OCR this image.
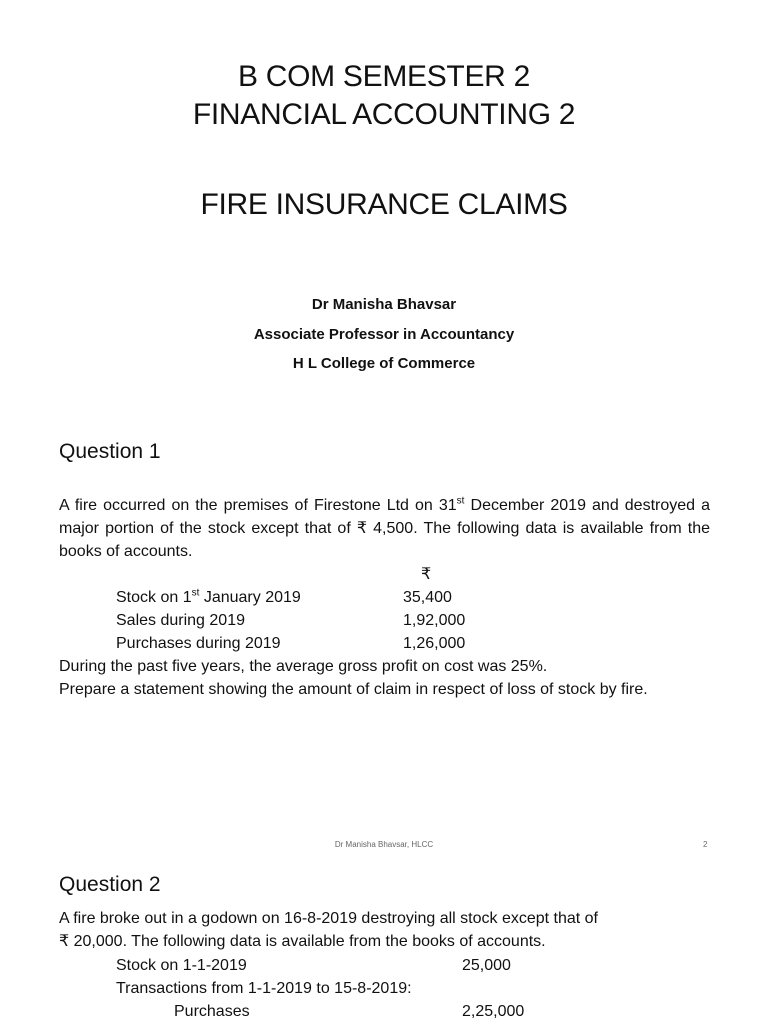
B COM SEMESTER 2
FINANCIAL ACCOUNTING 2
FIRE INSURANCE CLAIMS
Dr Manisha Bhavsar
Associate Professor in Accountancy
H L College of Commerce
Question 1
A fire occurred on the premises of Firestone Ltd on 31st December 2019 and destroyed a major portion of the stock except that of ₹ 4,500. The following data is available from the books of accounts.
₹
Stock on 1st January 2019	35,400
Sales during 2019	1,92,000
Purchases during 2019	1,26,000
During the past five years, the average gross profit on cost was 25%.
Prepare a statement showing the amount of claim in respect of loss of stock by fire.
Dr Manisha Bhavsar, HLCC	2
Question 2
A fire broke out in a godown on 16-8-2019 destroying all stock except that of
₹ 20,000. The following data is available from the books of accounts.
Stock on 1-1-2019	25,000
Transactions from 1-1-2019 to 15-8-2019:
Purchases	2,25,000
